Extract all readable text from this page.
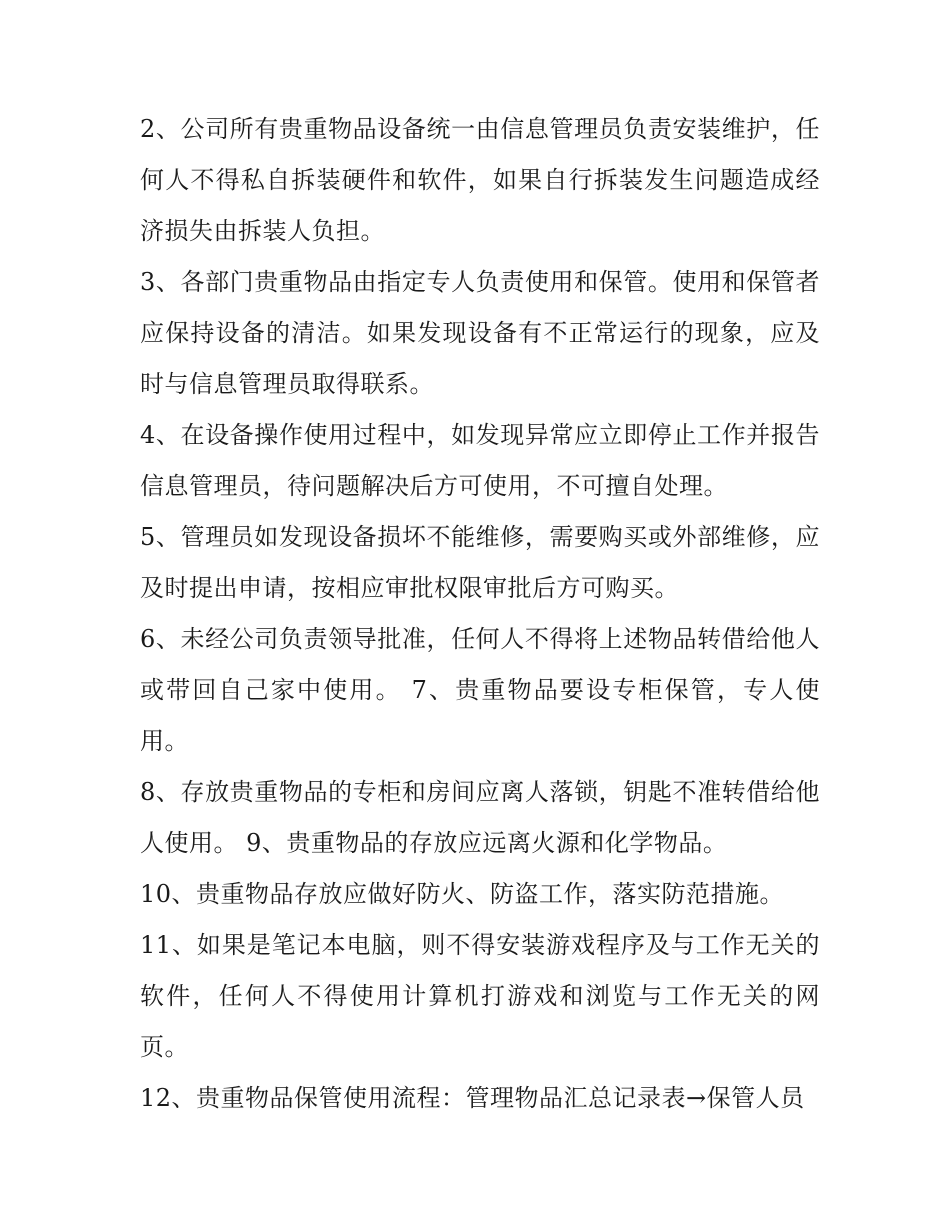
2、公司所有贵重物品设备统一由信息管理员负责安装维护，任何人不得私自拆装硬件和软件，如果自行拆装发生问题造成经济损失由拆装人负担。

3、各部门贵重物品由指定专人负责使用和保管。使用和保管者应保持设备的清洁。如果发现设备有不正常运行的现象，应及时与信息管理员取得联系。

4、在设备操作使用过程中，如发现异常应立即停止工作并报告信息管理员，待问题解决后方可使用，不可擅自处理。

5、管理员如发现设备损坏不能维修，需要购买或外部维修，应及时提出申请，按相应审批权限审批后方可购买。

6、未经公司负责领导批准，任何人不得将上述物品转借给他人或带回自己家中使用。 7、贵重物品要设专柜保管，专人使用。

8、存放贵重物品的专柜和房间应离人落锁，钥匙不准转借给他人使用。 9、贵重物品的存放应远离火源和化学物品。

10、贵重物品存放应做好防火、防盗工作，落实防范措施。

11、如果是笔记本电脑，则不得安装游戏程序及与工作无关的软件，任何人不得使用计算机打游戏和浏览与工作无关的网页。

12、贵重物品保管使用流程：管理物品汇总记录表→保管人员
